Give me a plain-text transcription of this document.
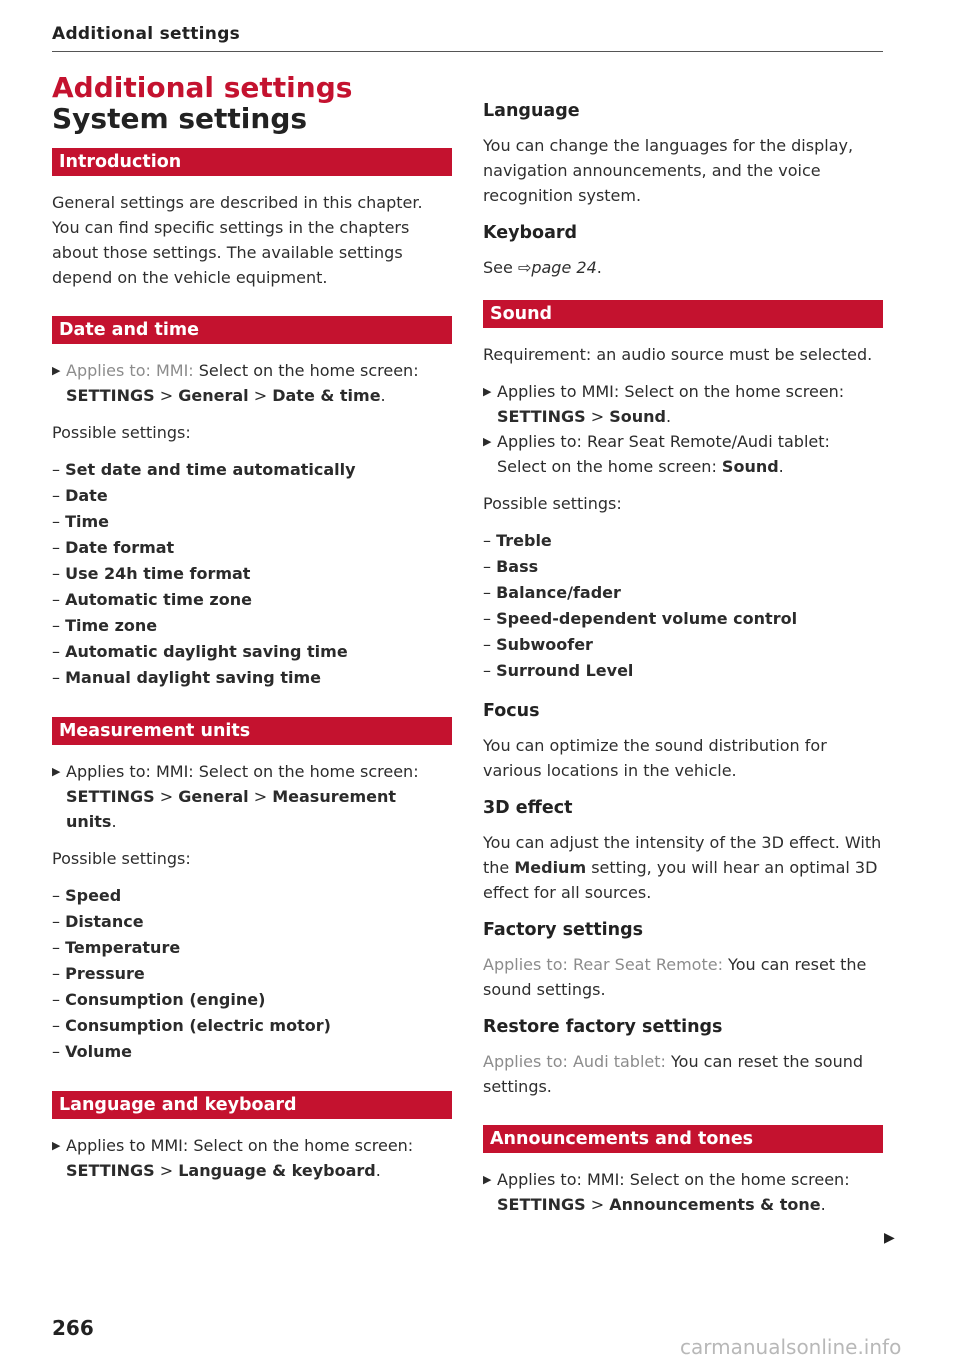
Additional settings
Additional settings
System settings
Introduction

General settings are described in this chapter. You can find specific settings in the chapters about those settings. The available settings depend on the vehicle equipment.

Date and time
▶ Applies to: MMI: Select on the home screen:
SETTINGS > General > Date & time.

Possible settings:

– Set date and time automatically
– Date
– Time
– Date format
– Use 24h time format
– Automatic time zone
– Time zone
– Automatic daylight saving time
– Manual daylight saving time
Measurement units
▶ Applies to: MMI: Select on the home screen:
SETTINGS > General > Measurement units.

Possible settings:

– Speed
– Distance
– Temperature
– Pressure
– Consumption (engine)
– Consumption (electric motor)
– Volume
Language and keyboard
▶ Applies to MMI: Select on the home screen:
SETTINGS > Language & keyboard.
Language

You can change the languages for the display, navigation announcements, and the voice recognition system.

Keyboard

See ⇨page 24.

Sound

Requirement: an audio source must be selected.

▶ Applies to MMI: Select on the home screen:
SETTINGS > Sound.
▶ Applies to: Rear Seat Remote/Audi tablet: Select on the home screen: Sound.

Possible settings:

– Treble
– Bass
– Balance/fader
– Speed-dependent volume control
– Subwoofer
– Surround Level
Focus

You can optimize the sound distribution for various locations in the vehicle.

3D effect

You can adjust the intensity of the 3D effect. With the Medium setting, you will hear an optimal 3D effect for all sources.

Factory settings

Applies to: Rear Seat Remote: You can reset the sound settings.

Restore factory settings

Applies to: Audi tablet: You can reset the sound settings.

Announcements and tones
▶ Applies to: MMI: Select on the home screen:
SETTINGS > Announcements & tone.
▶
266
carmanualsonline.info
